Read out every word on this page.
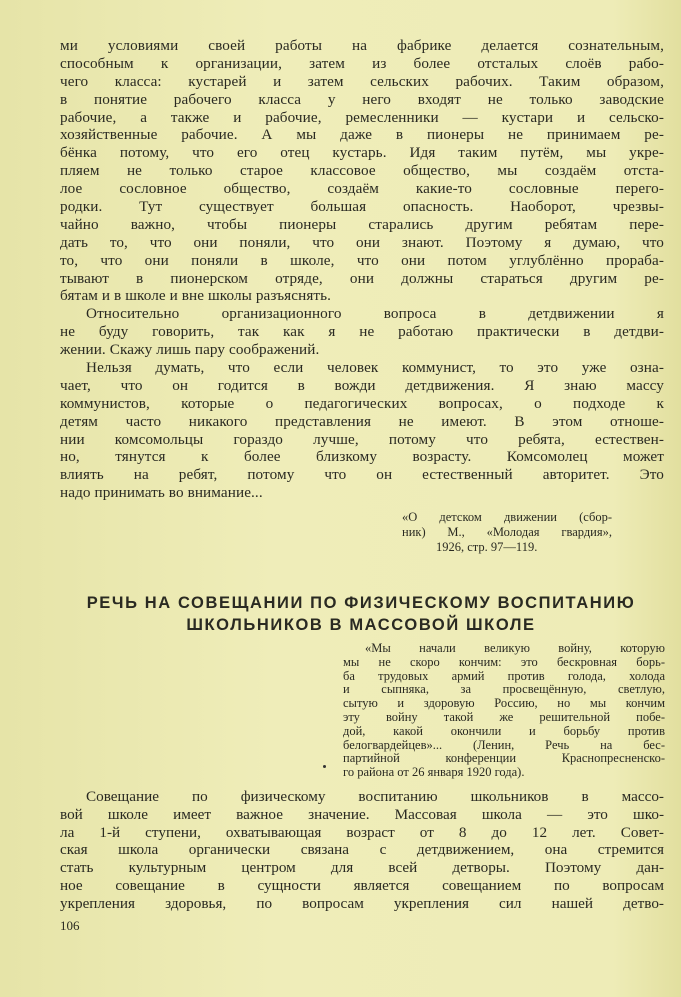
ми условиями своей работы на фабрике делается сознательным,
способным к организации, затем из более отсталых слоёв рабо-
чего класса: кустарей и затем сельских рабочих. Таким образом,
в понятие рабочего класса у него входят не только заводские
рабочие, а также и рабочие, ремесленники — кустари и сельско-
хозяйственные рабочие. А мы даже в пионеры не принимаем ре-
бёнка потому, что его отец кустарь. Идя таким путём, мы укре-
пляем не только старое классовое общество, мы создаём отста-
лое сословное общество, создаём какие-то сословные перего-
родки. Тут существует большая опасность. Наоборот, чрезвы-
чайно важно, чтобы пионеры старались другим ребятам пере-
дать то, что они поняли, что они знают. Поэтому я думаю, что
то, что они поняли в школе, что они потом углублённо прораба-
тывают в пионерском отряде, они должны стараться другим ре-
бятам и в школе и вне школы разъяснять.
Относительно организационного вопроса в детдвижении я
не буду говорить, так как я не работаю практически в детдви-
жении. Скажу лишь пару соображений.
Нельзя думать, что если человек коммунист, то это уже озна-
чает, что он годится в вожди детдвижения. Я знаю массу
коммунистов, которые о педагогических вопросах, о подходе к
детям часто никакого представления не имеют. В этом отноше-
нии комсомольцы гораздо лучше, потому что ребята, естествен-
но, тянутся к более близкому возрасту. Комсомолец может
влиять на ребят, потому что он естественный авторитет. Это
надо принимать во внимание...
«О детском движении (сбор-
ник) М., «Молодая гвардия»,
1926, стр. 97—119.
РЕЧЬ НА СОВЕЩАНИИ ПО ФИЗИЧЕСКОМУ ВОСПИТАНИЮ
ШКОЛЬНИКОВ В МАССОВОЙ ШКОЛЕ
«Мы начали великую войну, которую
мы не скоро кончим: это бескровная борь-
ба трудовых армий против голода, холода
и сыпняка, за просвещённую, светлую,
сытую и здоровую Россию, но мы кончим
эту войну такой же решительной побе-
дой, какой окончили и борьбу против
белогвардейцев»... (Ленин, Речь на бес-
партийной конференции Краснопресненско-
го района от 26 января 1920 года).
Совещание по физическому воспитанию школьников в массо-
вой школе имеет важное значение. Массовая школа — это шко-
ла 1-й ступени, охватывающая возраст от 8 до 12 лет. Совет-
ская школа органически связана с детдвижением, она стремится
стать культурным центром для всей детворы. Поэтому дан-
ное совещание в сущности является совещанием по вопросам
укрепления здоровья, по вопросам укрепления сил нашей детво-
106
